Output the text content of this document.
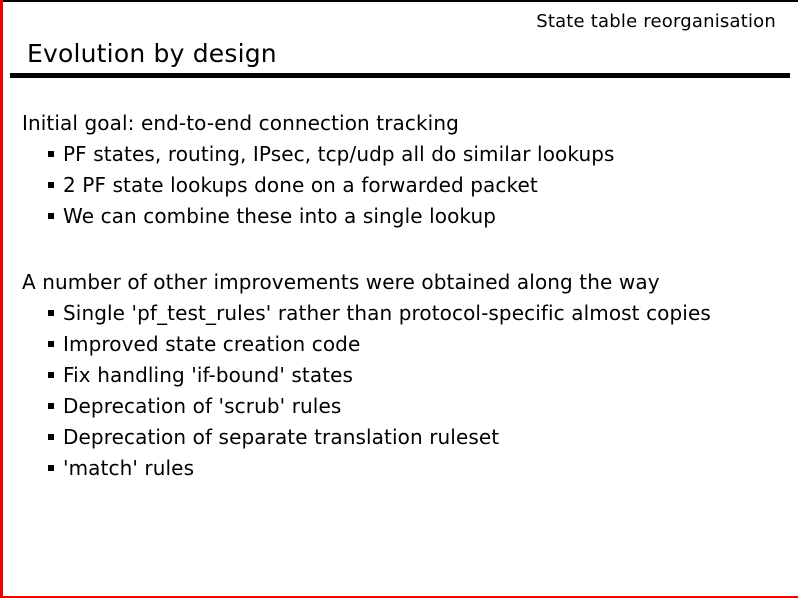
State table reorganisation
Evolution by design
Initial goal: end-to-end connection tracking
PF states, routing, IPsec, tcp/udp all do similar lookups
2 PF state lookups done on a forwarded packet
We can combine these into a single lookup
A number of other improvements were obtained along the way
Single 'pf_test_rules' rather than protocol-specific almost copies
Improved state creation code
Fix handling 'if-bound' states
Deprecation of 'scrub' rules
Deprecation of separate translation ruleset
'match' rules
